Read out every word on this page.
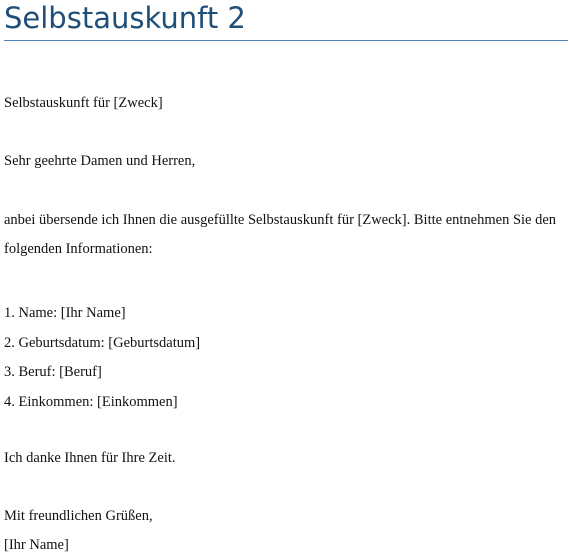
Selbstauskunft 2

Selbstauskunft für [Zweck]

Sehr geehrte Damen und Herren,

anbei übersende ich Ihnen die ausgefüllte Selbstauskunft für [Zweck]. Bitte entnehmen Sie den folgenden Informationen:

1. Name: [Ihr Name]
2. Geburtsdatum: [Geburtsdatum]
3. Beruf: [Beruf]
4. Einkommen: [Einkommen]

Ich danke Ihnen für Ihre Zeit.

Mit freundlichen Grüßen,

[Ihr Name]
